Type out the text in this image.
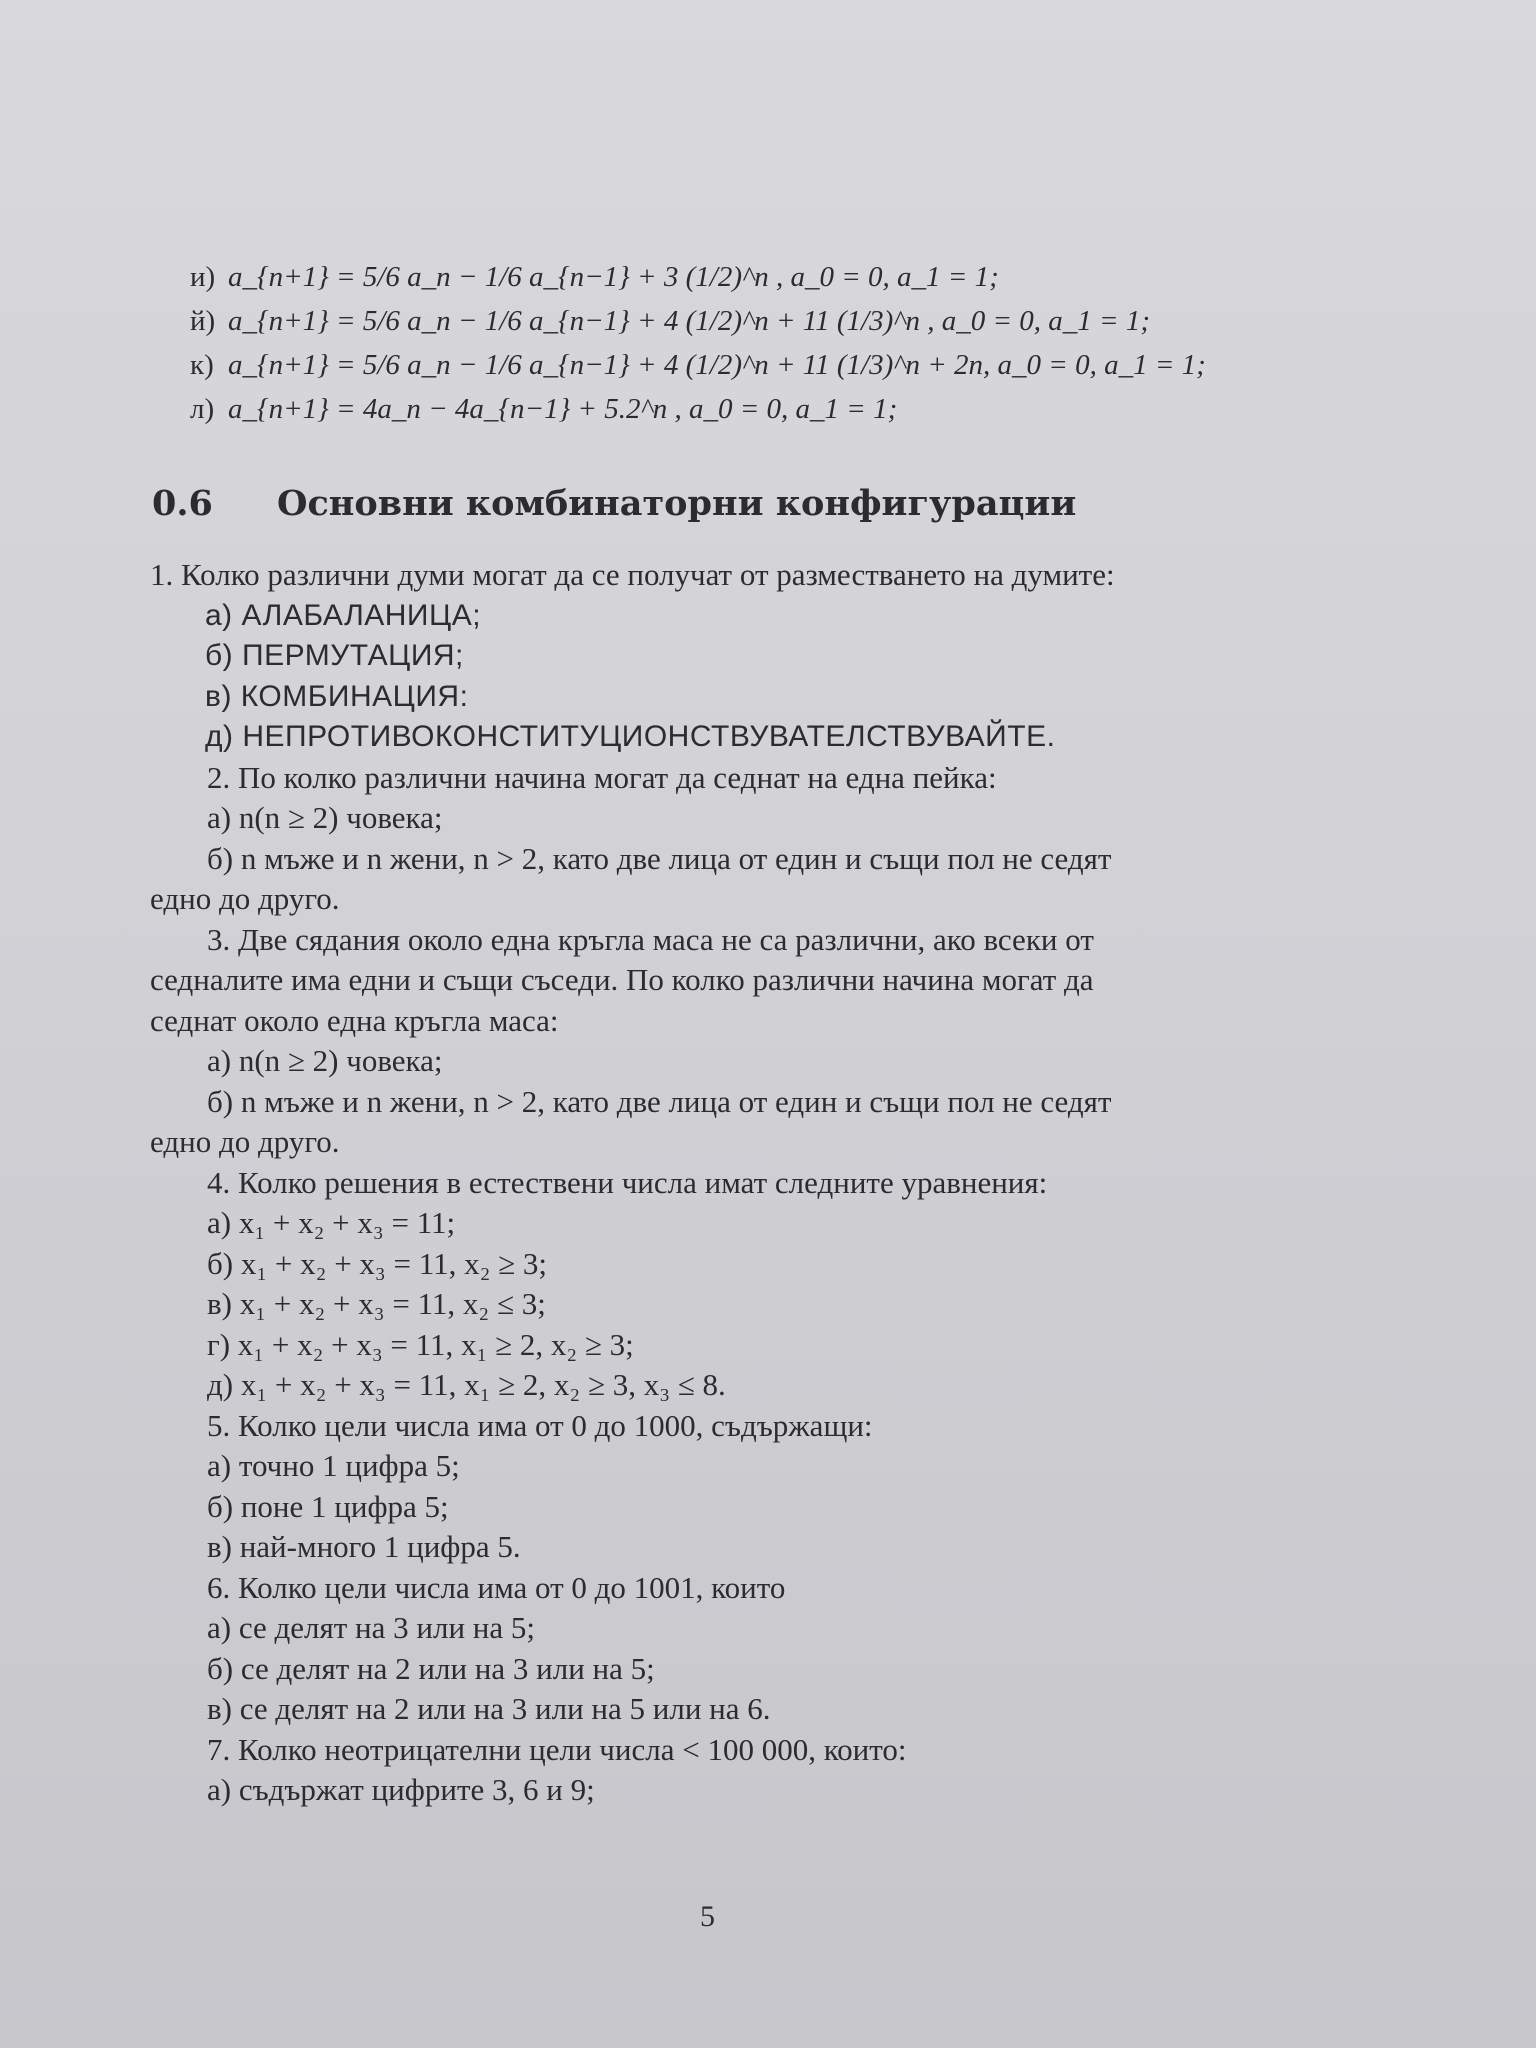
и) a_{n+1} = 5/6 a_n − 1/6 a_{n−1} + 3 (1/2)^n , a_0 = 0, a_1 = 1;
й) a_{n+1} = 5/6 a_n − 1/6 a_{n−1} + 4 (1/2)^n + 11 (1/3)^n , a_0 = 0, a_1 = 1;
к) a_{n+1} = 5/6 a_n − 1/6 a_{n−1} + 4 (1/2)^n + 11 (1/3)^n + 2n, a_0 = 0, a_1 = 1;
л) a_{n+1} = 4a_n − 4a_{n−1} + 5.2^n , a_0 = 0, a_1 = 1;
0.6 Основни комбинаторни конфигурации

1. Колко различни думи могат да се получат от разместването на думите:

а) АЛАБАЛАНИЦА;

б) ПЕРМУТАЦИЯ;

в) КОМБИНАЦИЯ:

д) НЕПРОТИВОКОНСТИТУЦИОНСТВУВАТЕЛСТВУВАЙТЕ.

2. По колко различни начина могат да седнат на една пейка:

а) n(n ≥ 2) човека;

б) n мъже и n жени, n > 2, като две лица от един и същи пол не седят

едно до друго.

3. Две сядания около една кръгла маса не са различни, ако всеки от

седналите има едни и същи съседи. По колко различни начина могат да

седнат около една кръгла маса:

а) n(n ≥ 2) човека;

б) n мъже и n жени, n > 2, като две лица от един и същи пол не седят

едно до друго.

4. Колко решения в естествени числа имат следните уравнения:

а) x₁ + x₂ + x₃ = 11;

б) x₁ + x₂ + x₃ = 11, x₂ ≥ 3;

в) x₁ + x₂ + x₃ = 11, x₂ ≤ 3;

г) x₁ + x₂ + x₃ = 11, x₁ ≥ 2, x₂ ≥ 3;

д) x₁ + x₂ + x₃ = 11, x₁ ≥ 2, x₂ ≥ 3, x₃ ≤ 8.

5. Колко цели числа има от 0 до 1000, съдържащи:

а) точно 1 цифра 5;

б) поне 1 цифра 5;

в) най-много 1 цифра 5.

6. Колко цели числа има от 0 до 1001, които

а) се делят на 3 или на 5;

б) се делят на 2 или на 3 или на 5;

в) се делят на 2 или на 3 или на 5 или на 6.

7. Колко неотрицателни цели числа < 100 000, които:

а) съдържат цифрите 3, 6 и 9;

5
